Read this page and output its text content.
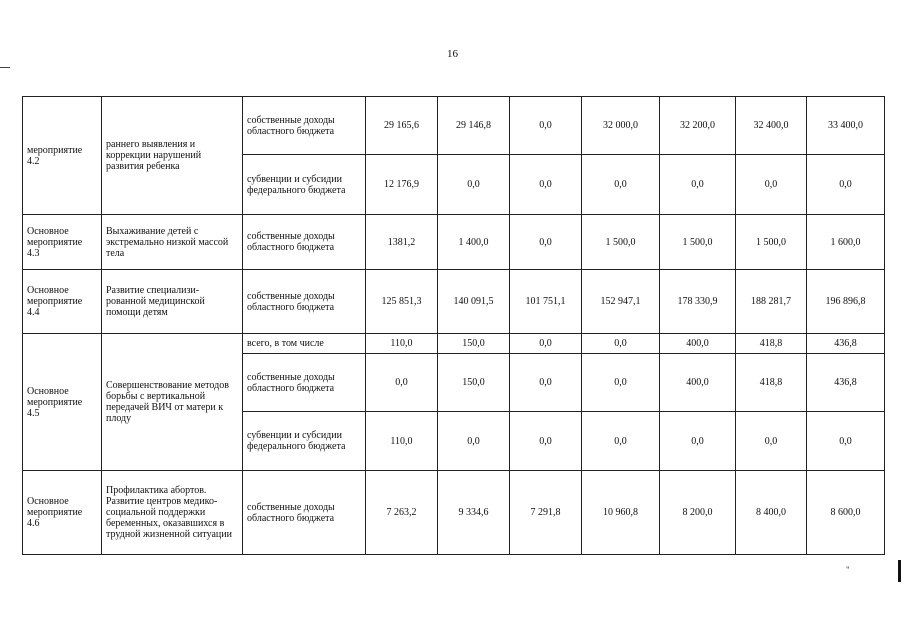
16
"
мероприятие 4.2	раннего выявления и коррекции нарушений развития ребенка	собственные доходы областного бюджета	29 165,6	29 146,8	0,0	32 000,0	32 200,0	32 400,0	33 400,0
		субвенции и субсидии федерального бюджета	12 176,9	0,0	0,0	0,0	0,0	0,0	0,0
Основное мероприятие 4.3	Выхаживание детей с экстремально низкой массой тела	собственные доходы областного бюджета	1381,2	1 400,0	0,0	1 500,0	1 500,0	1 500,0	1 600,0
Основное мероприятие 4.4	Развитие специализи-рованной медицинской помощи детям	собственные доходы областного бюджета	125 851,3	140 091,5	101 751,1	152 947,1	178 330,9	188 281,7	196 896,8
Основное мероприятие 4.5	Совершенствование методов борьбы с вертикальной передачей ВИЧ от матери к плоду	всего, в том числе	110,0	150,0	0,0	0,0	400,0	418,8	436,8
		собственные доходы областного бюджета	0,0	150,0	0,0	0,0	400,0	418,8	436,8
		субвенции и субсидии федерального бюджета	110,0	0,0	0,0	0,0	0,0	0,0	0,0
Основное мероприятие 4.6	Профилактика абортов. Развитие центров медико-социальной поддержки беременных, оказавшихся в трудной жизненной ситуации	собственные доходы областного бюджета	7 263,2	9 334,6	7 291,8	10 960,8	8 200,0	8 400,0	8 600,0
